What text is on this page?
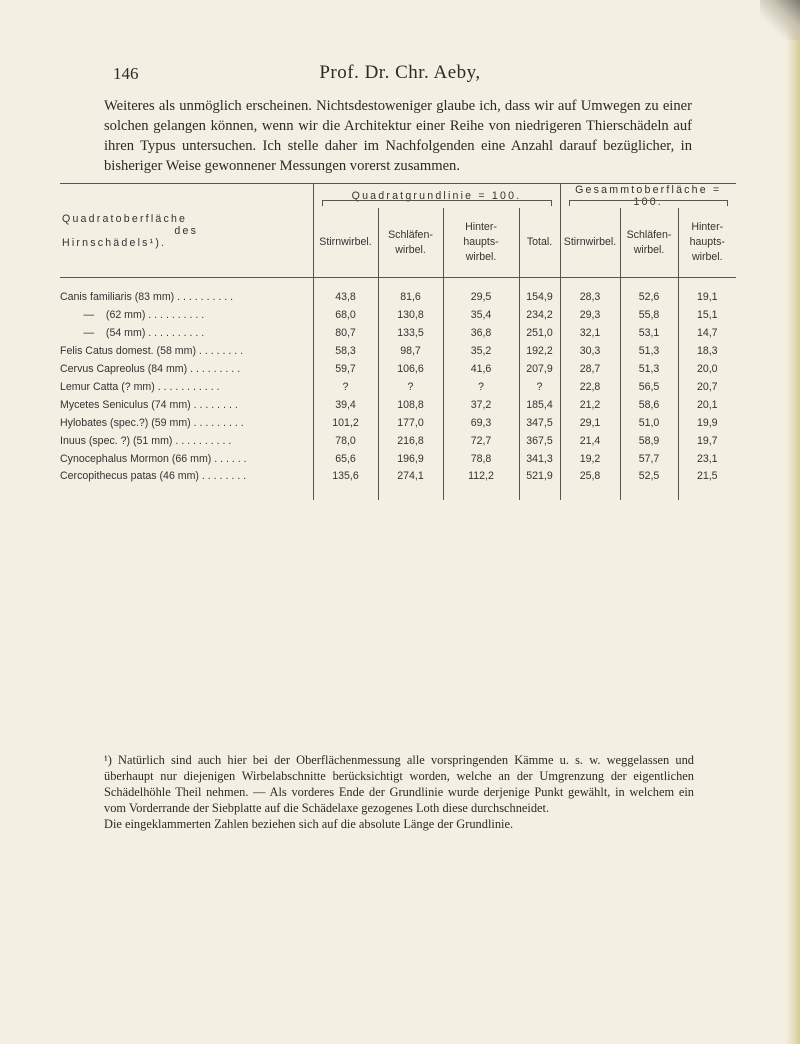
146	Prof. Dr. Chr. Aeby,

Weiteres als unmöglich erscheinen. Nichtsdestoweniger glaube ich, dass wir auf Umwegen zu einer solchen gelangen können, wenn wir die Architektur einer Reihe von niedrigeren Thierschädeln auf ihren Typus untersuchen. Ich stelle daher im Nachfolgenden eine Anzahl darauf bezüglicher, in bisheriger Weise gewonnener Messungen vorerst zusammen.

Quadratoberfläche
des
Hirnschädels¹).	Quadratgrundlinie = 100.				Gesammtoberfläche = 100.		

	Stirnwirbel.	Schläfen-
wirbel.	Hinter-
haupts-
wirbel.	Total.	Stirnwirbel.	Schläfen-
wirbel.	Hinter-
haupts-
wirbel.

Canis familiaris (83 mm) . . . . . . . . . .	43,8	81,6	29,5	154,9	28,3	52,6	19,1
—    (62 mm) . . . . . . . . . .	68,0	130,8	35,4	234,2	29,3	55,8	15,1
—    (54 mm) . . . . . . . . . .	80,7	133,5	36,8	251,0	32,1	53,1	14,7
Felis Catus domest. (58 mm) . . . . . . . .	58,3	98,7	35,2	192,2	30,3	51,3	18,3
Cervus Capreolus (84 mm) . . . . . . . . .	59,7	106,6	41,6	207,9	28,7	51,3	20,0
Lemur Catta (? mm) . . . . . . . . . . .	?	?	?	?	22,8	56,5	20,7
Mycetes Seniculus (74 mm) . . . . . . . .	39,4	108,8	37,2	185,4	21,2	58,6	20,1
Hylobates (spec.?) (59 mm) . . . . . . . . .	101,2	177,0	69,3	347,5	29,1	51,0	19,9
Inuus (spec. ?) (51 mm) . . . . . . . . . .	78,0	216,8	72,7	367,5	21,4	58,9	19,7
Cynocephalus Mormon (66 mm) . . . . . .	65,6	196,9	78,8	341,3	19,2	57,7	23,1
Cercopithecus patas (46 mm) . . . . . . . .	135,6	274,1	112,2	521,9	25,8	52,5	21,5

¹) Natürlich sind auch hier bei der Oberflächenmessung alle vorspringenden Kämme u. s. w. weggelassen und überhaupt nur diejenigen Wirbelabschnitte berücksichtigt worden, welche an der Umgrenzung der eigentlichen Schädelhöhle Theil nehmen. — Als vorderes Ende der Grundlinie wurde derjenige Punkt gewählt, in welchem ein vom Vorderrande der Siebplatte auf die Schädelaxe gezogenes Loth diese durchschneidet.

Die eingeklammerten Zahlen beziehen sich auf die absolute Länge der Grundlinie.
